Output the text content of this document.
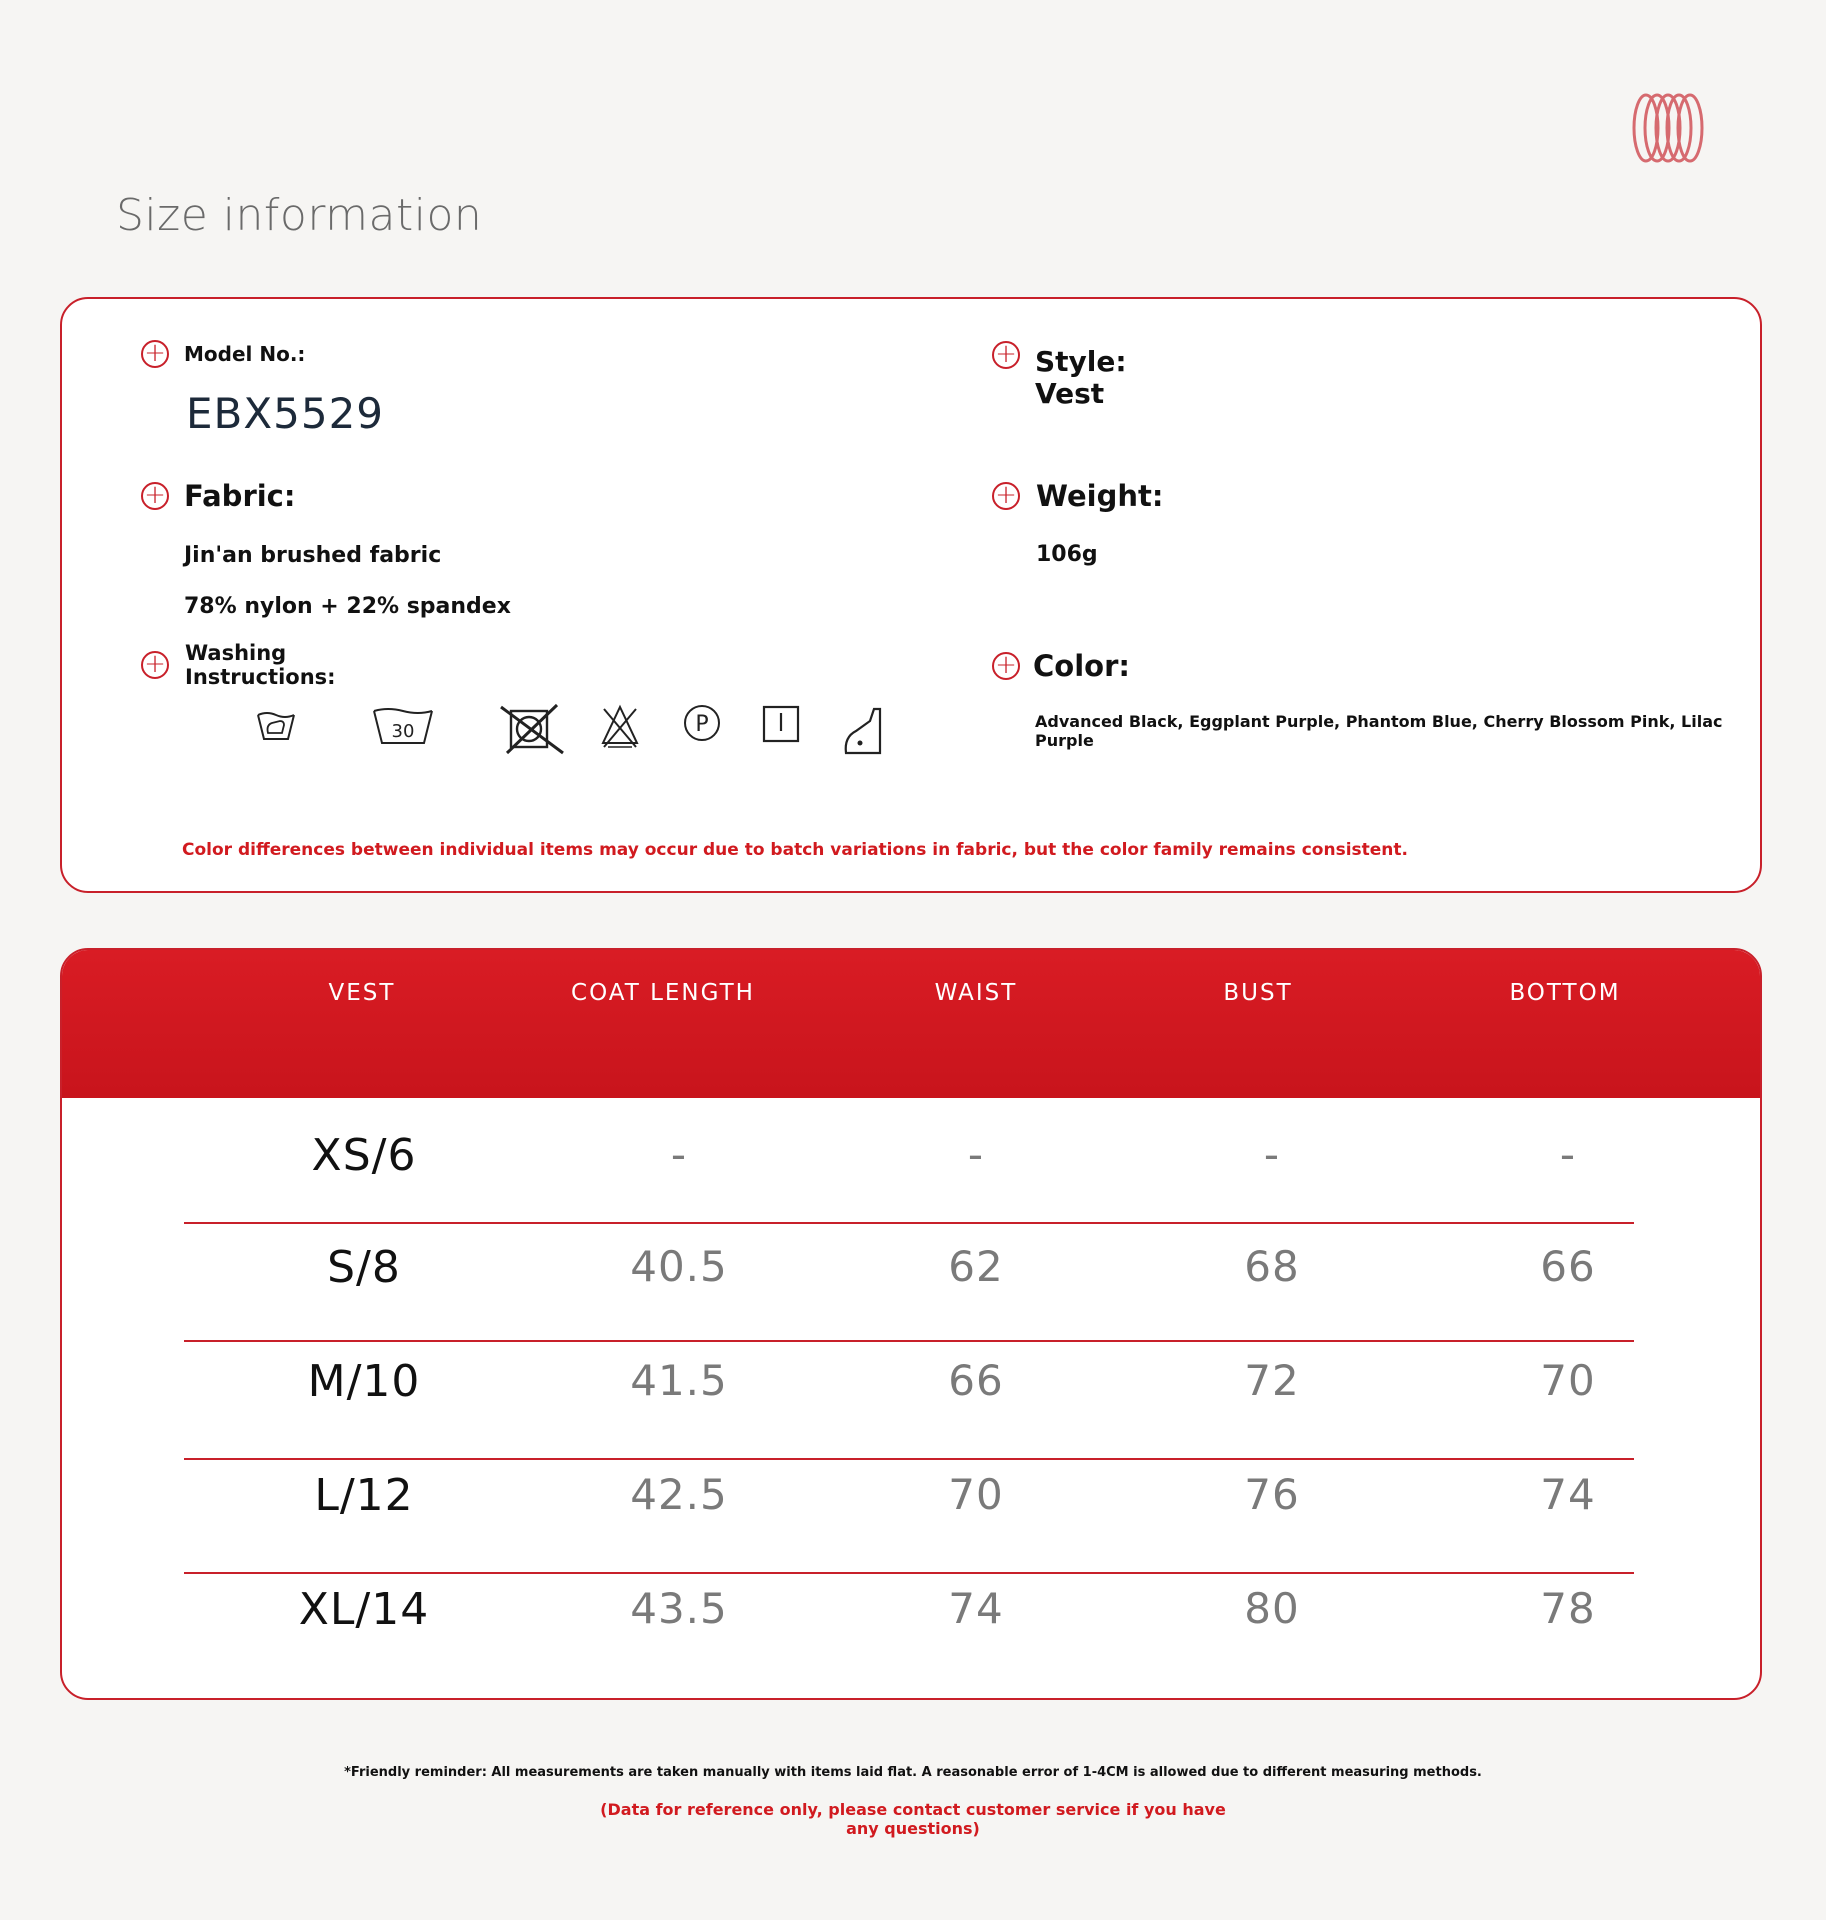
Size information
+ Model No.:
EBX5529
+ Fabric:
Jin'an brushed fabric
78% nylon + 22% spandex
+ Washing
Instructions:
30	P
+ Style:
Vest
+ Weight:
106g
+ Color:
Advanced Black, Eggplant Purple, Phantom Blue, Cherry Blossom Pink, Lilac Purple
Color differences between individual items may occur due to batch variations in fabric, but the color family remains consistent.
VEST	COAT LENGTH	WAIST	BUST	BOTTOM
XS/6	-	-	-	-
S/8	40.5	62	68	66
M/10	41.5	66	72	70
L/12	42.5	70	76	74
XL/14	43.5	74	80	78
*Friendly reminder: All measurements are taken manually with items laid flat. A reasonable error of 1-4CM is allowed due to different measuring methods.
(Data for reference only, please contact customer service if you have
any questions)
